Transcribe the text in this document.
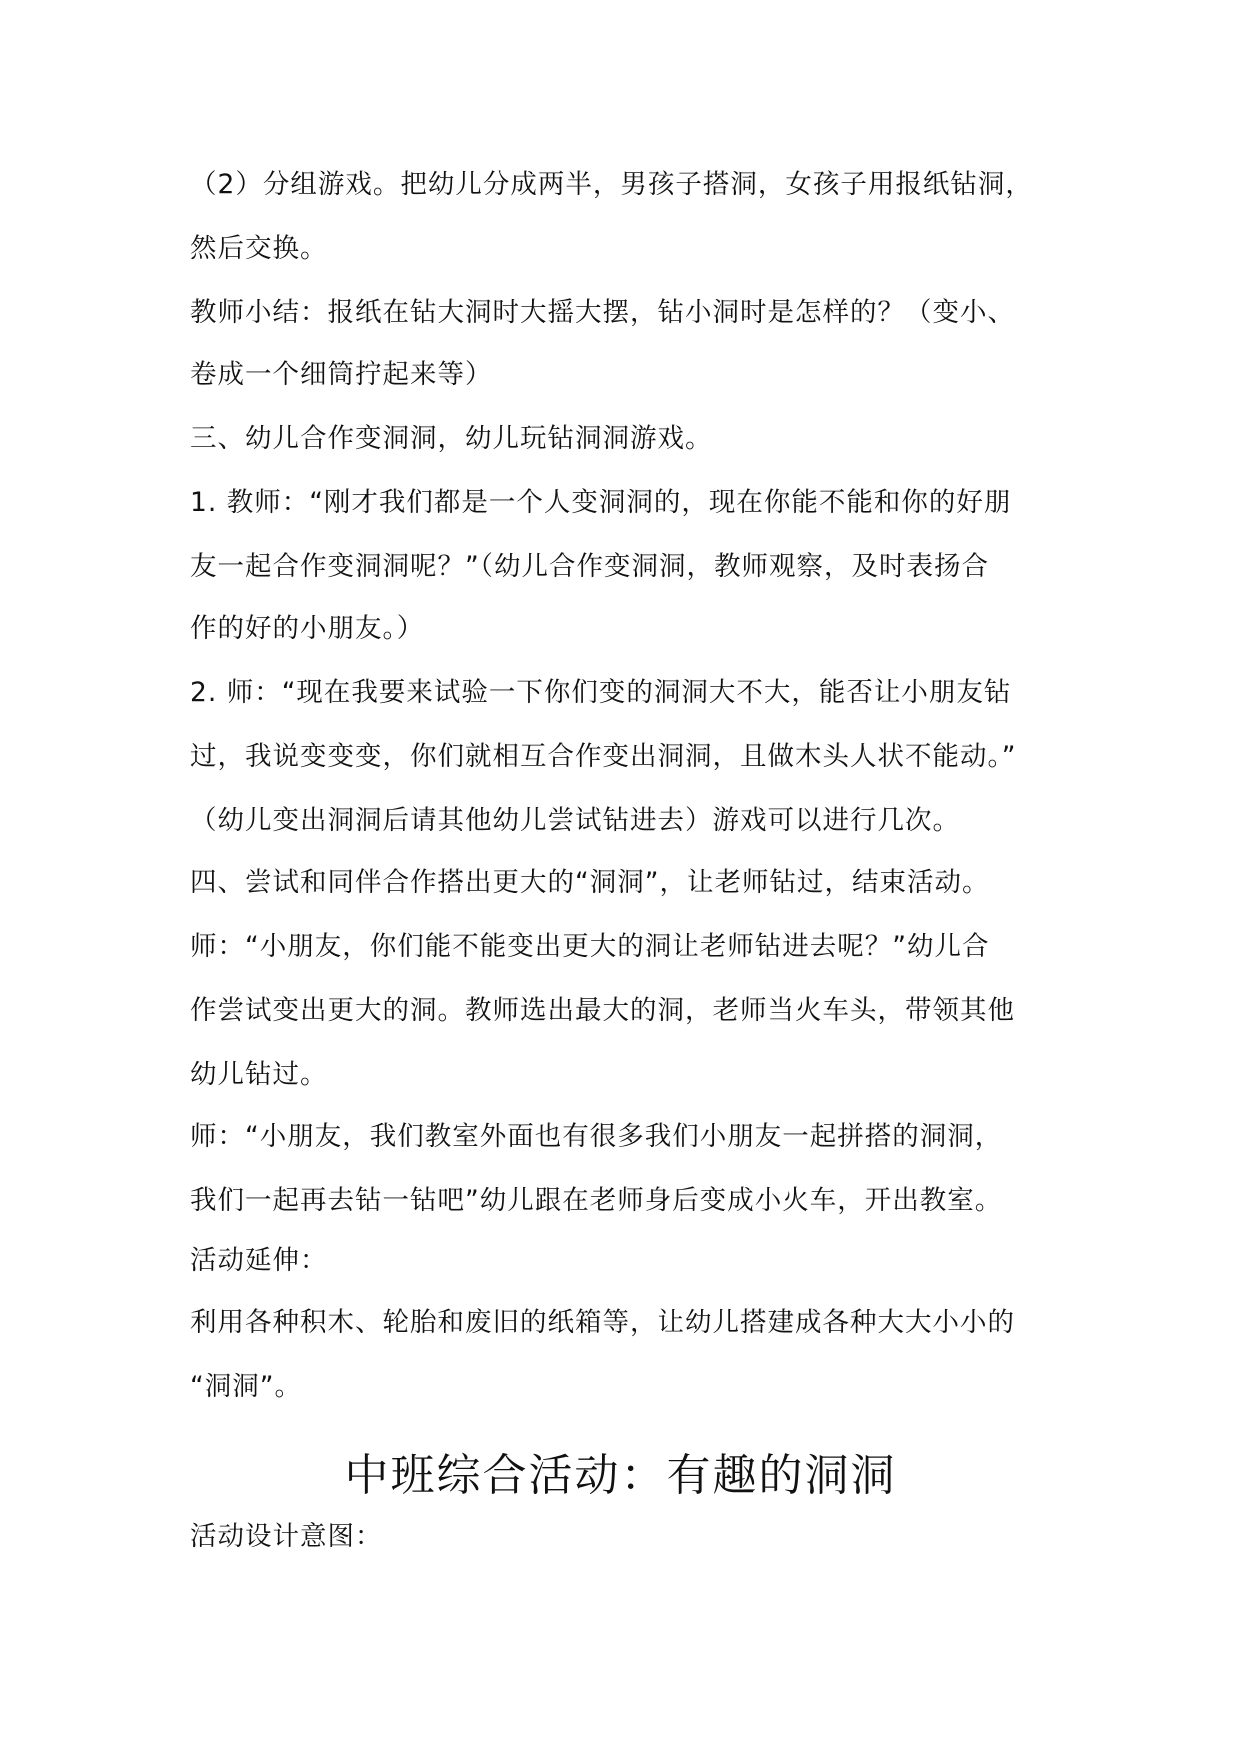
（2）分组游戏。把幼儿分成两半，男孩子搭洞，女孩子用报纸钻洞，
然后交换。
教师小结：报纸在钻大洞时大摇大摆，钻小洞时是怎样的？（变小、
卷成一个细筒拧起来等）
三、幼儿合作变洞洞，幼儿玩钻洞洞游戏。
1. 教师：“刚才我们都是一个人变洞洞的，现在你能不能和你的好朋
友一起合作变洞洞呢？”（幼儿合作变洞洞，教师观察，及时表扬合
作的好的小朋友。）
2. 师：“现在我要来试验一下你们变的洞洞大不大，能否让小朋友钻
过，我说变变变，你们就相互合作变出洞洞，且做木头人状不能动。”
（幼儿变出洞洞后请其他幼儿尝试钻进去）游戏可以进行几次。
四、尝试和同伴合作搭出更大的“洞洞”，让老师钻过，结束活动。
师：“小朋友，你们能不能变出更大的洞让老师钻进去呢？”幼儿合
作尝试变出更大的洞。教师选出最大的洞，老师当火车头，带领其他
幼儿钻过。
师：“小朋友，我们教室外面也有很多我们小朋友一起拼搭的洞洞，
我们一起再去钻一钻吧”幼儿跟在老师身后变成小火车，开出教室。
活动延伸：
利用各种积木、轮胎和废旧的纸箱等，让幼儿搭建成各种大大小小的
“洞洞”。
中班综合活动：有趣的洞洞
活动设计意图：
